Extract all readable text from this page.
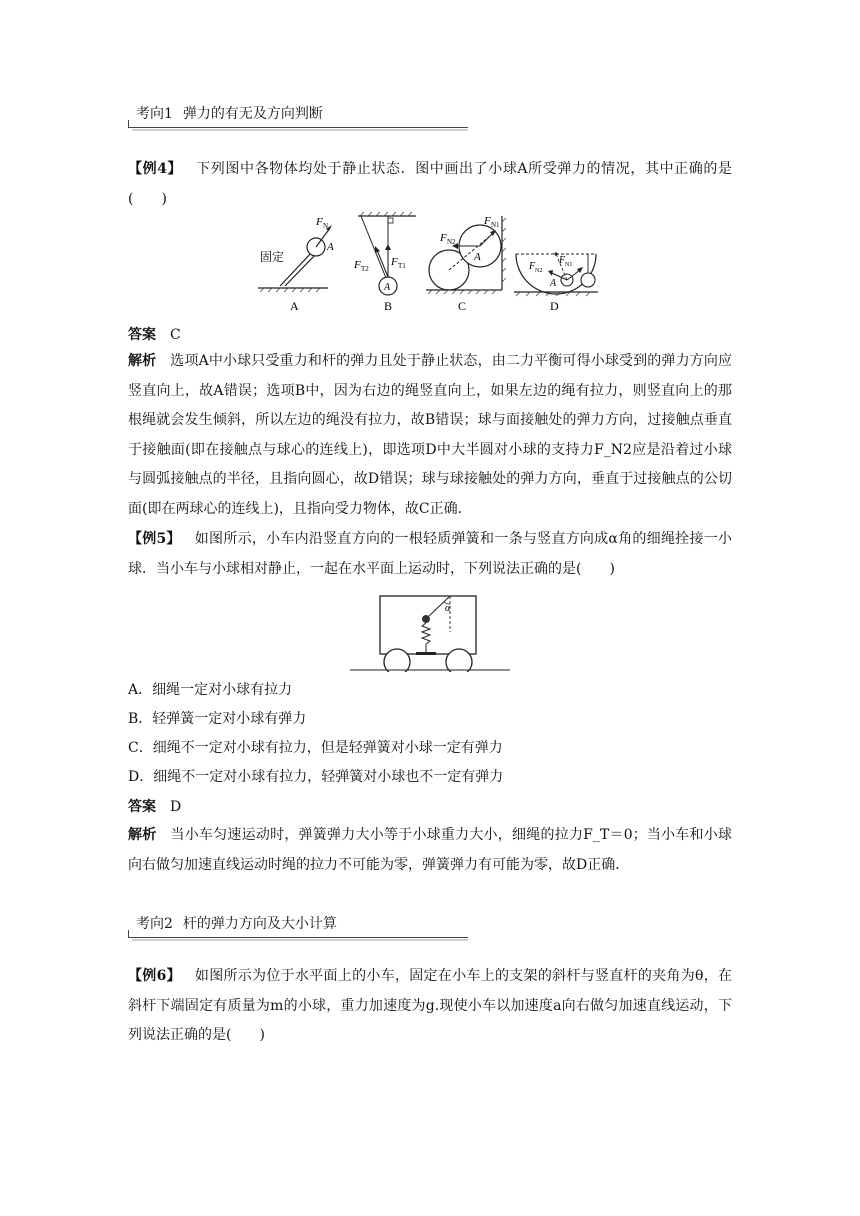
考向1 弹力的有无及方向判断
【例4】 下列图中各物体均处于静止状态．图中画出了小球A所受弹力的情况，其中正确的是(　　)
固定
F N
A
A
A
F T2
F T1
B
F N2
F N1
A
C
F N1
F N2
A
D
答案 C
解析 选项A中小球只受重力和杆的弹力且处于静止状态，由二力平衡可得小球受到的弹力方向应竖直向上，故A错误；选项B中，因为右边的绳竖直向上，如果左边的绳有拉力，则竖直向上的那根绳就会发生倾斜，所以左边的绳没有拉力，故B错误；球与面接触处的弹力方向，过接触点垂直于接触面(即在接触点与球心的连线上)，即选项D中大半圆对小球的支持力F_N2应是沿着过小球与圆弧接触点的半径，且指向圆心，故D错误；球与球接触处的弹力方向，垂直于过接触点的公切面(即在两球心的连线上)，且指向受力物体，故C正确．
【例5】 如图所示，小车内沿竖直方向的一根轻质弹簧和一条与竖直方向成α角的细绳拴接一小球．当小车与小球相对静止，一起在水平面上运动时，下列说法正确的是(　　)
α
A．细绳一定对小球有拉力
B．轻弹簧一定对小球有弹力
C．细绳不一定对小球有拉力，但是轻弹簧对小球一定有弹力
D．细绳不一定对小球有拉力，轻弹簧对小球也不一定有弹力
答案 D
解析 当小车匀速运动时，弹簧弹力大小等于小球重力大小，细绳的拉力F_T＝0；当小车和小球向右做匀加速直线运动时绳的拉力不可能为零，弹簧弹力有可能为零，故D正确．
考向2 杆的弹力方向及大小计算
【例6】 如图所示为位于水平面上的小车，固定在小车上的支架的斜杆与竖直杆的夹角为θ，在斜杆下端固定有质量为m的小球，重力加速度为g.现使小车以加速度a向右做匀加速直线运动，下列说法正确的是(　　)
